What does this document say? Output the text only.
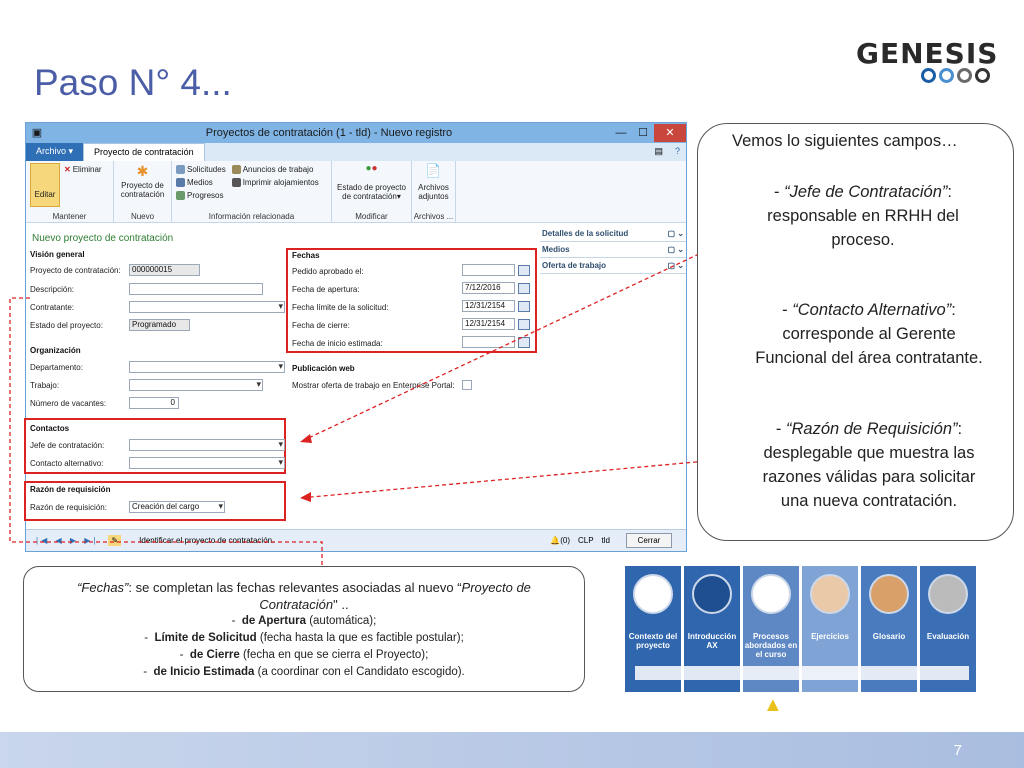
Paso N° 4...
GENESIS
▣	Proyectos de contratación (1 - tld) - Nuevo registro	—	☐	✕
Archivo ▾	Proyecto de contratación	▤	?
Editar
✕ Eliminar
Mantener
✱
Proyecto de
contratación
Nuevo
Solicitudes
Medios
Progresos
Anuncios de trabajo
Imprimir alojamientos
Información relacionada
●●
Estado de proyecto
de contratación▾
Modificar
📄
Archivos
adjuntos
Archivos ...
Nuevo proyecto de contratación
Visión general
Proyecto de contratación:	000000015
Descripción:
Contratante:
▾
Estado del proyecto:	Programado
Organización
Departamento:
▾
Trabajo:
▾
Número de vacantes:	0
Contactos
Jefe de contratación:
▾
Contacto alternativo:
▾
Razón de requisición
Razón de requisición:	Creación del cargo ▾
Fechas
Pedido aprobado el:
Fecha de apertura:	7/12/2016
Fecha límite de la solicitud:	12/31/2154
Fecha de cierre:	12/31/2154
Fecha de inicio estimada:
Publicación web
Mostrar oferta de trabajo en Enterprise Portal:
Detalles de la solicitud	▢ ⌄
Medios	▢ ⌄
Oferta de trabajo	▢ ⌄
|◀ ◀ ▶ ▶|	✎	Identificar el proyecto de contratación.	🔔 (0) CLP tld	Cerrar
Vemos lo siguientes campos…
- “Jefe de Contratación”:
responsable en RRHH del proceso.
- “Contacto Alternativo”:
corresponde al Gerente
Funcional del área contratante.
- “Razón de Requisición”:
desplegable que muestra las
razones válidas para solicitar
una nueva contratación.
“Fechas”: se completan las fechas relevantes asociadas al nuevo “Proyecto de
Contratación" ..
-  de Apertura (automática);
-  Límite de Solicitud (fecha hasta la que es factible postular);
-  de Cierre (fecha en que se cierra el Proyecto);
-  de Inicio Estimada (a coordinar con el Candidato escogido).
Contexto del proyecto
Introducción AX
Procesos abordados en el curso
Ejercicios	Glosario	Evaluación
▲
7
